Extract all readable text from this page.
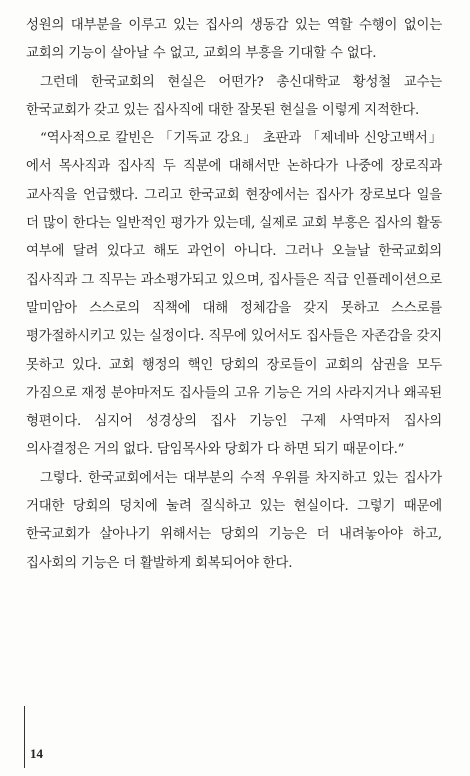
성원의 대부분을 이루고 있는 집사의 생동감 있는 역할 수행이 없이는 교회의 기능이 살아날 수 없고, 교회의 부흥을 기대할 수 없다.

그런데 한국교회의 현실은 어떤가? 총신대학교 황성철 교수는 한국교회가 갖고 있는 집사직에 대한 잘못된 현실을 이렇게 지적한다.

“역사적으로 칼빈은 「기독교 강요」 초판과 「제네바 신앙고백서」에서 목사직과 집사직 두 직분에 대해서만 논하다가 나중에 장로직과 교사직을 언급했다. 그리고 한국교회 현장에서는 집사가 장로보다 일을 더 많이 한다는 일반적인 평가가 있는데, 실제로 교회 부흥은 집사의 활동 여부에 달려 있다고 해도 과언이 아니다. 그러나 오늘날 한국교회의 집사직과 그 직무는 과소평가되고 있으며, 집사들은 직급 인플레이션으로 말미암아 스스로의 직책에 대해 정체감을 갖지 못하고 스스로를 평가절하시키고 있는 실정이다. 직무에 있어서도 집사들은 자존감을 갖지 못하고 있다. 교회 행정의 핵인 당회의 장로들이 교회의 삼권을 모두 가짐으로 재정 분야마저도 집사들의 고유 기능은 거의 사라지거나 왜곡된 형편이다. 심지어 성경상의 집사 기능인 구제 사역마저 집사의 의사결정은 거의 없다. 담임목사와 당회가 다 하면 되기 때문이다.”

그렇다. 한국교회에서는 대부분의 수적 우위를 차지하고 있는 집사가 거대한 당회의 덩치에 눌려 질식하고 있는 현실이다. 그렇기 때문에 한국교회가 살아나기 위해서는 당회의 기능은 더 내려놓아야 하고, 집사회의 기능은 더 활발하게 회복되어야 한다.

14
